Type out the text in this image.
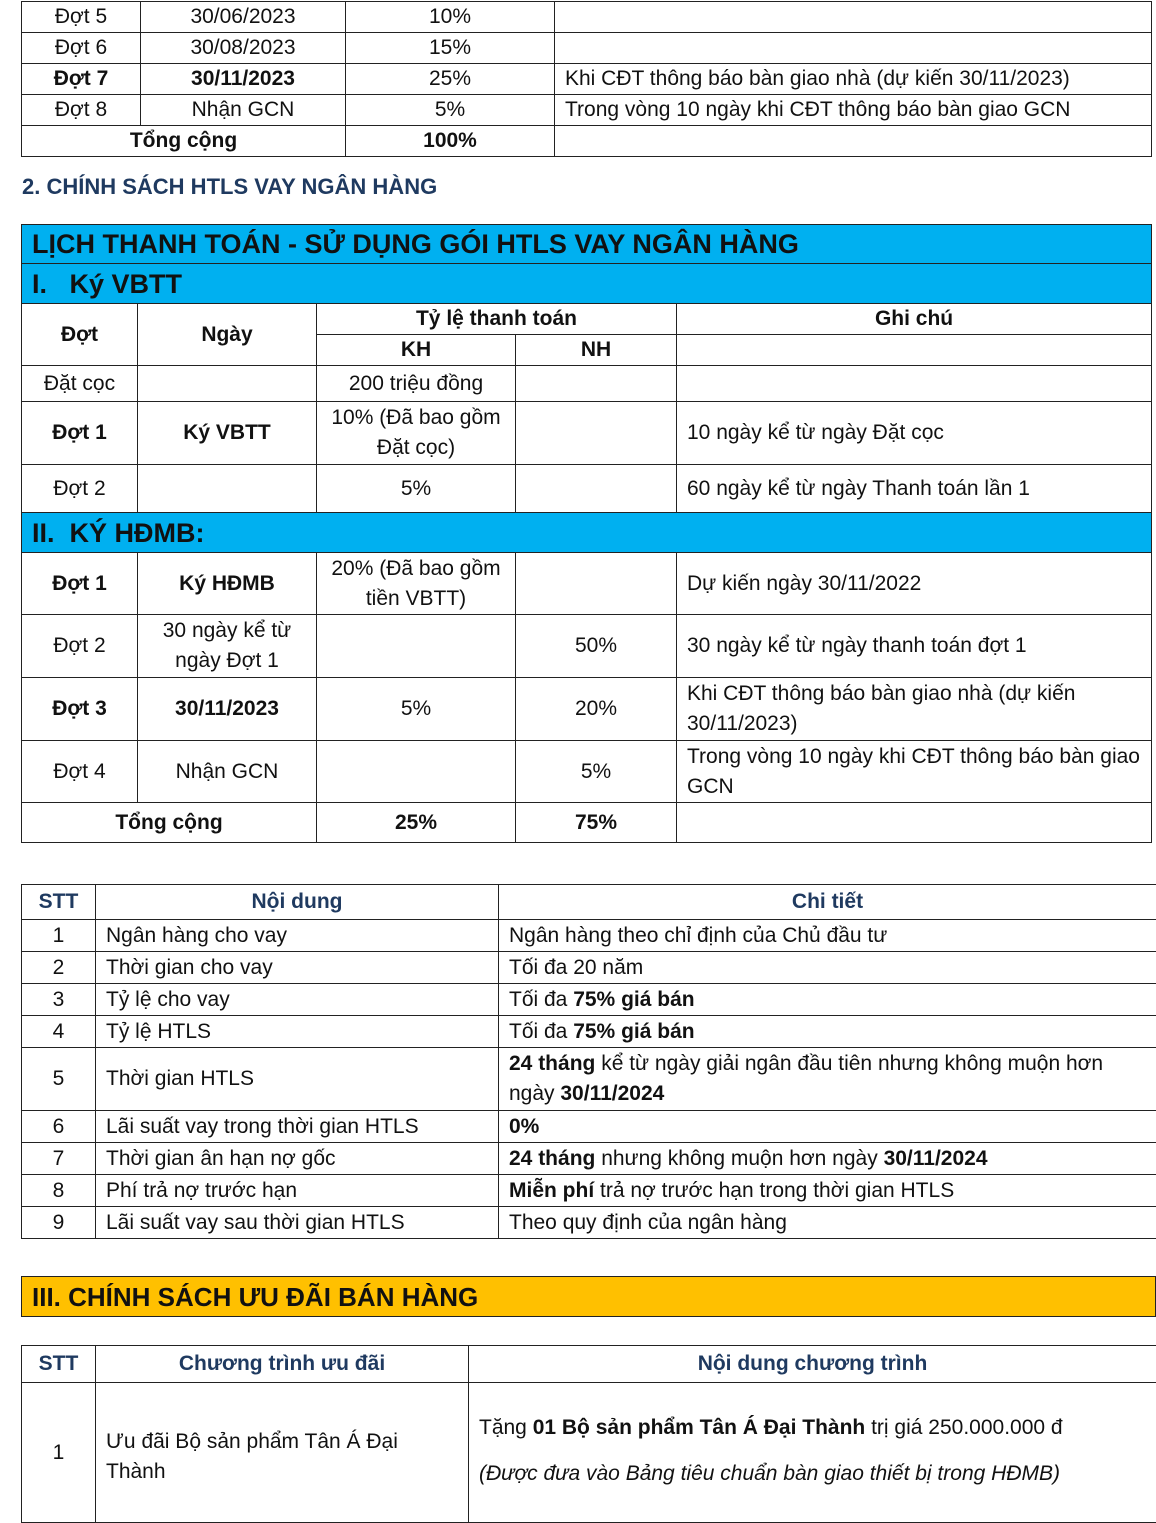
Đợt 5	30/06/2023	10%	
Đợt 6	30/08/2023	15%	
Đợt 7	30/11/2023	25%	Khi CĐT thông báo bàn giao nhà (dự kiến 30/11/2023)
Đợt 8	Nhận GCN	5%	Trong vòng 10 ngày khi CĐT thông báo bàn giao GCN
Tổng cộng		100%	
2. CHÍNH SÁCH HTLS VAY NGÂN HÀNG
LỊCH THANH TOÁN - SỬ DỤNG GÓI HTLS VAY NGÂN HÀNG				
I.   Ký VBTT				
Đợt	Ngày	Tỷ lệ thanh toán		Ghi chú
		KH	NH	
Đặt cọc		200 triệu đồng		
Đợt 1	Ký VBTT	10% (Đã bao gồm Đặt cọc)		10 ngày kể từ ngày Đặt cọc
Đợt 2		5%		60 ngày kể từ ngày Thanh toán lần 1
II.  KÝ HĐMB:				
Đợt 1	Ký HĐMB	20% (Đã bao gồm tiền VBTT)		Dự kiến ngày 30/11/2022
Đợt 2	30 ngày kể từ ngày Đợt 1		50%	30 ngày kể từ ngày thanh toán đợt 1
Đợt 3	30/11/2023	5%	20%	Khi CĐT thông báo bàn giao nhà (dự kiến 30/11/2023)
Đợt 4	Nhận GCN		5%	Trong vòng 10 ngày khi CĐT thông báo bàn giao GCN
Tổng cộng		25%	75%	
STT	Nội dung	Chi tiết
1	Ngân hàng cho vay	Ngân hàng theo chỉ định của Chủ đầu tư
2	Thời gian cho vay	Tối đa 20 năm
3	Tỷ lệ cho vay	Tối đa 75% giá bán
4	Tỷ lệ HTLS	Tối đa 75% giá bán
5	Thời gian HTLS	24 tháng kể từ ngày giải ngân đầu tiên nhưng không muộn hơn ngày 30/11/2024
6	Lãi suất vay trong thời gian HTLS	0%
7	Thời gian ân hạn nợ gốc	24 tháng nhưng không muộn hơn ngày 30/11/2024
8	Phí trả nợ trước hạn	Miễn phí trả nợ trước hạn trong thời gian HTLS
9	Lãi suất vay sau thời gian HTLS	Theo quy định của ngân hàng
III. CHÍNH SÁCH ƯU ĐÃI BÁN HÀNG
STT	Chương trình ưu đãi	Nội dung chương trình
1	Ưu đãi Bộ sản phẩm Tân Á Đại Thành	Tặng 01 Bộ sản phẩm Tân Á Đại Thành trị giá 250.000.000 đ
(Được đưa vào Bảng tiêu chuẩn bàn giao thiết bị trong HĐMB)
